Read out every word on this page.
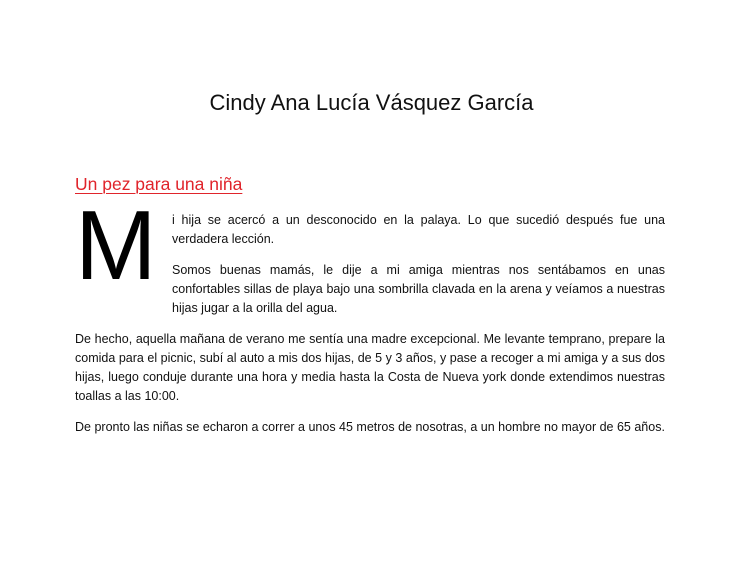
Cindy Ana Lucía Vásquez García
Un pez para una niña
M i hija se acercó a un desconocido en la palaya. Lo que sucedió después fue una verdadera lección.

Somos buenas mamás, le dije a mi amiga mientras nos sentábamos en unas confortables sillas de playa bajo una sombrilla clavada en la arena y veíamos a nuestras hijas jugar a la orilla del agua.

De hecho, aquella mañana de verano me sentía una madre excepcional. Me levante temprano, prepare la comida para el picnic, subí al auto a mis dos hijas, de 5 y 3 años, y pase a recoger a mi amiga y a sus dos hijas, luego conduje durante una hora y media hasta la Costa de Nueva york donde extendimos nuestras toallas a las 10:00.

De pronto las niñas se echaron a correr a unos 45 metros de nosotras, a un hombre no mayor de 65 años.
